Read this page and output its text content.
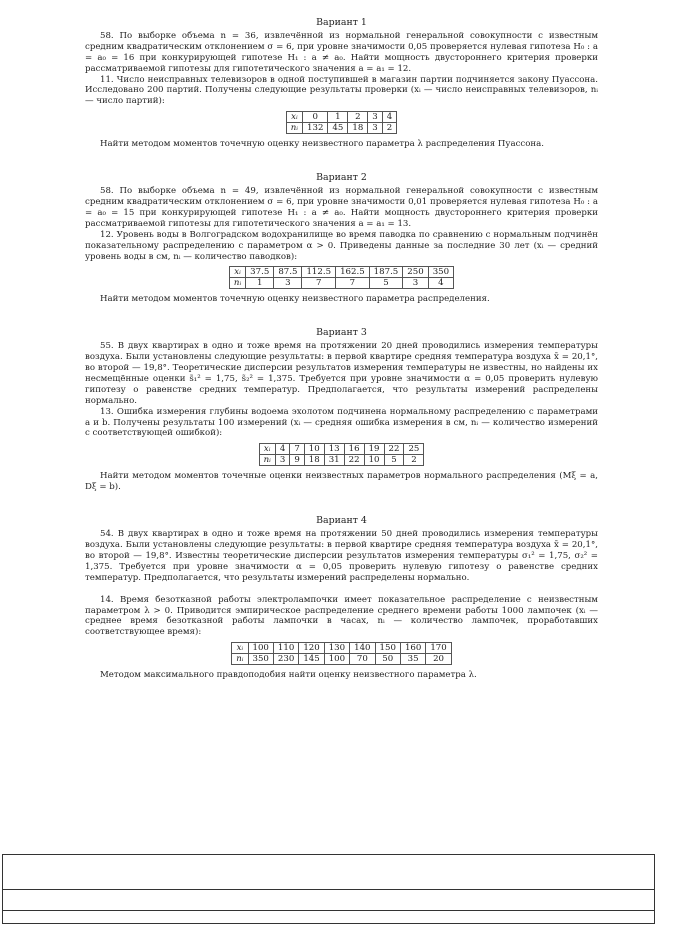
Вариант 1

58. По выборке объема n = 36, извлечённой из нормальной генеральной совокупности с известным средним квадратическим отклонением σ = 6, при уровне значимости 0,05 проверяется нулевая гипотеза H₀ : a = a₀ = 16 при конкурирующей гипотезе H₁ : a ≠ a₀. Найти мощность двустороннего критерия проверки рассматриваемой гипотезы для гипотетического значения a = a₁ = 12.

11. Число неисправных телевизоров в одной поступившей в магазин партии подчиняется закону Пуассона. Исследовано 200 партий. Получены следующие результаты проверки (xᵢ — число неисправных телевизоров, nᵢ — число партий):

xᵢ	0	1	2	3	4
nᵢ	132	45	18	3	2

Найти методом моментов точечную оценку неизвестного параметра λ распределения Пуассона.

Вариант 2

58. По выборке объема n = 49, извлечённой из нормальной генеральной совокупности с известным средним квадратическим отклонением σ = 6, при уровне значимости 0,01 проверяется нулевая гипотеза H₀ : a = a₀ = 15 при конкурирующей гипотезе H₁ : a ≠ a₀. Найти мощность двустороннего критерия проверки рассматриваемой гипотезы для гипотетического значения a = a₁ = 13.

12. Уровень воды в Волгоградском водохранилище во время паводка по сравнению с нормальным подчинён показательному распределению с параметром α > 0. Приведены данные за последние 30 лет (xᵢ — средний уровень воды в см, nᵢ — количество паводков):

xᵢ	37.5	87.5	112.5	162.5	187.5	250	350
nᵢ	1	3	7	7	5	3	4

Найти методом моментов точечную оценку неизвестного параметра распределения.

Вариант 3

55. В двух квартирах в одно и тоже время на протяжении 20 дней проводились измерения температуры воздуха. Были установлены следующие результаты: в первой квартире средняя температура воздуха x̄ = 20,1°, во второй — 19,8°. Теоретические дисперсии результатов измерения температуры не известны, но найдены их несмещённые оценки s̃₁² = 1,75, s̃₂² = 1,375. Требуется при уровне значимости α = 0,05 проверить нулевую гипотезу о равенстве средних температур. Предполагается, что результаты измерений распределены нормально.

13. Ошибка измерения глубины водоема эхолотом подчинена нормальному распределению с параметрами a и b. Получены результаты 100 измерений (xᵢ — средняя ошибка измерения в см, nᵢ — количество измерений с соответствующей ошибкой):

xᵢ	4	7	10	13	16	19	22	25
nᵢ	3	9	18	31	22	10	5	2

Найти методом моментов точечные оценки неизвестных параметров нормального распределения (Mξ = a, Dξ = b).

Вариант 4

54. В двух квартирах в одно и тоже время на протяжении 50 дней проводились измерения температуры воздуха. Были установлены следующие результаты: в первой квартире средняя температура воздуха x̄ = 20,1°, во второй — 19,8°. Известны теоретические дисперсии результатов измерения температуры σ₁² = 1,75, σ₂² = 1,375. Требуется при уровне значимости α = 0,05 проверить нулевую гипотезу о равенстве средних температур. Предполагается, что результаты измерений распределены нормально.

14. Время безотказной работы электролампочки имеет показательное распределение с неизвестным параметром λ > 0. Приводится эмпирическое распределение среднего времени работы 1000 лампочек (xᵢ — среднее время безотказной работы лампочки в часах, nᵢ — количество лампочек, проработавших соответствующее время):

xᵢ	100	110	120	130	140	150	160	170
nᵢ	350	230	145	100	70	50	35	20

Методом максимального правдоподобия найти оценку неизвестного параметра λ.
